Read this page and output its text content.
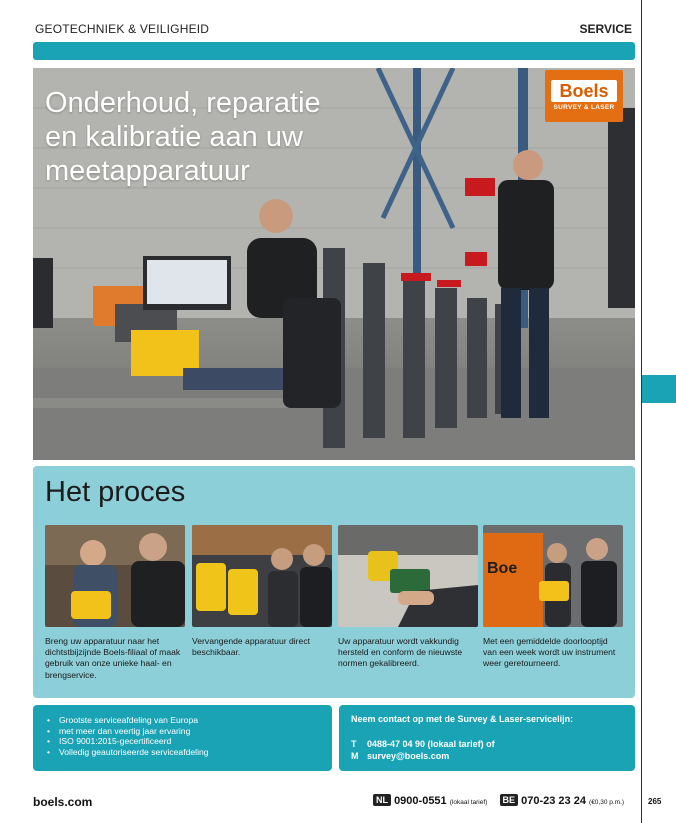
GEOTECHNIEK & VEILIGHEID	SERVICE
Onderhoud, reparatie
en kalibratie aan uw
meetapparatuur
Boels
SURVEY & LASER
Het proces
Breng uw apparatuur naar het dichtstbijzijnde Boels-filiaal of maak gebruik van onze unieke haal- en brengservice.
Vervangende apparatuur direct beschikbaar.
Uw apparatuur wordt vakkundig hersteld en conform de nieuwste normen gekalibreerd.
Boe
Met een gemiddelde doorlooptijd van een week wordt uw instrument weer geretourneerd.
• Grootste serviceafdeling van Europa
• met meer dan veertig jaar ervaring
• ISO 9001:2015-gecertificeerd
• Volledig geautoriseerde serviceafdeling
Neem contact op met de Survey & Laser-servicelijn:
T 0488-47 04 90 (lokaal tarief) of
M survey@boels.com
boels.com	NL 0900-0551 (lokaal tarief) BE 070-23 23 24 (€0,30 p.m.)	265
